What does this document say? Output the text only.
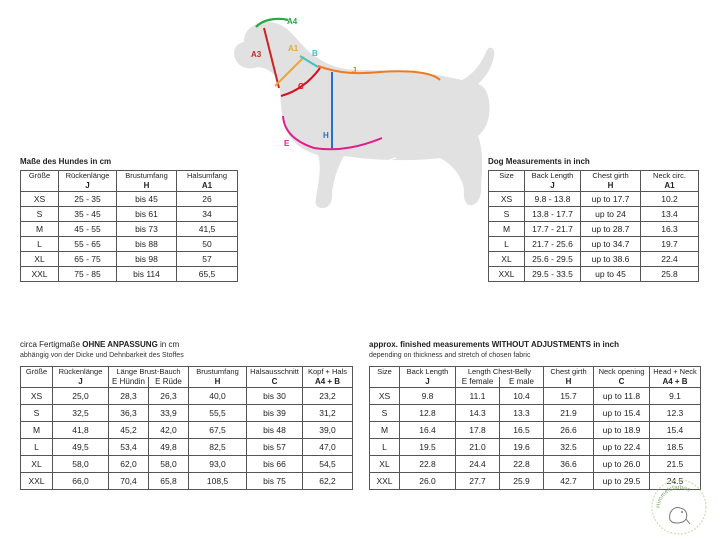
A4
A3
A1
B
J
C
H
E
Maße des Hundes in cm
Größe	Rückenlänge	Brustumfang	Halsumfang
	J	H	A1
XS	25 - 35	bis 45	26
S	35 - 45	bis 61	34
M	45 - 55	bis 73	41,5
L	55 - 65	bis 88	50
XL	65 - 75	bis 98	57
XXL	75 - 85	bis 114	65,5
Dog Measurements in inch
Size	Back Length	Chest girth	Neck circ.
	J	H	A1
XS	9.8 - 13.8	up to 17.7	10.2
S	13.8 - 17.7	up to 24	13.4
M	17.7 - 21.7	up to 28.7	16.3
L	21.7 - 25.6	up to 34.7	19.7
XL	25.6 - 29.5	up to 38.6	22.4
XXL	29.5 - 33.5	up to 45	25.8
circa Fertigmaße OHNE ANPASSUNG in cm
abhängig von der Dicke und Dehnbarkeit des Stoffes
Größe	Rückenlänge	Länge Brust-Bauch		Brustumfang	Halsausschnitt	Kopf + Hals
	J	E Hündin	E Rüde	H	C	A4 + B
XS	25,0	28,3	26,3	40,0	bis 30	23,2
S	32,5	36,3	33,9	55,5	bis 39	31,2
M	41,8	45,2	42,0	67,5	bis 48	39,0
L	49,5	53,4	49,8	82,5	bis 57	47,0
XL	58,0	62,0	58,0	93,0	bis 66	54,5
XXL	66,0	70,4	65,8	108,5	bis 75	62,2
approx. finished measurements WITHOUT ADJUSTMENTS in inch
depending on thickness and stretch of chosen fabric
Size	Back Length	Length Chest-Belly		Chest girth	Neck opening	Head + Neck
	J	E female	E male	H	C	A4 + B
XS	9.8	11.1	10.4	15.7	up to 11.8	9.1
S	12.8	14.3	13.3	21.9	up to 15.4	12.3
M	16.4	17.8	16.5	26.6	up to 18.9	15.4
L	19.5	21.0	19.6	32.5	up to 22.4	18.5
XL	22.8	24.4	22.8	36.6	up to 26.0	21.5
XXL	26.0	27.7	25.9	42.7	up to 29.5	24.5
Himmelsfarben
